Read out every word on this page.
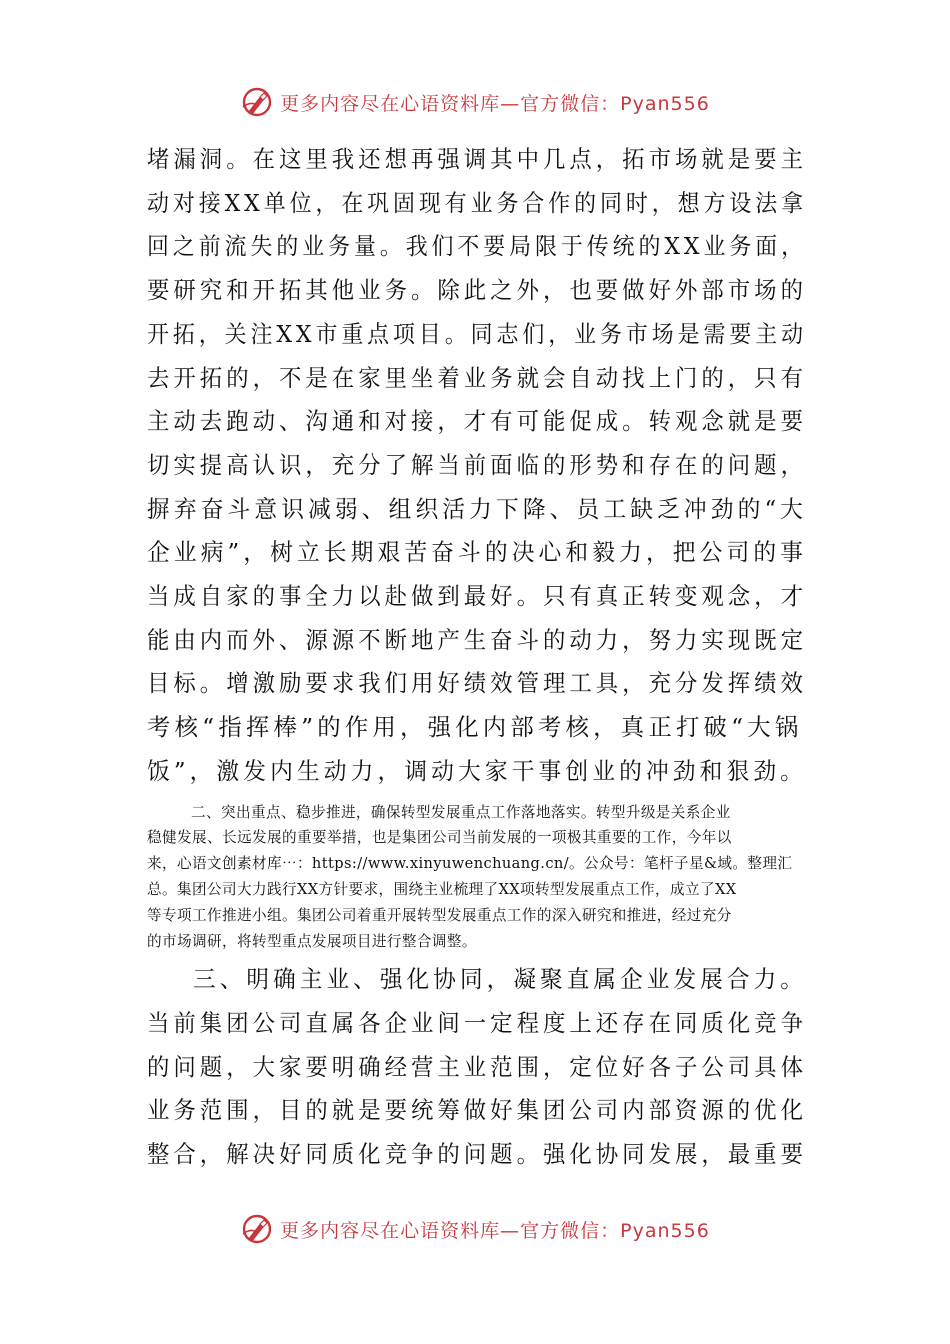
更多内容尽在心语资料库—官方微信：Pyan556
堵漏洞。在这里我还想再强调其中几点，拓市场就是要主
动对接XX单位，在巩固现有业务合作的同时，想方设法拿
回之前流失的业务量。我们不要局限于传统的XX业务面，
要研究和开拓其他业务。除此之外，也要做好外部市场的
开拓，关注XX市重点项目。同志们，业务市场是需要主动
去开拓的，不是在家里坐着业务就会自动找上门的，只有
主动去跑动、沟通和对接，才有可能促成。转观念就是要
切实提高认识，充分了解当前面临的形势和存在的问题，
摒弃奋斗意识减弱、组织活力下降、员工缺乏冲劲的“大
企业病”，树立长期艰苦奋斗的决心和毅力，把公司的事
当成自家的事全力以赴做到最好。只有真正转变观念，才
能由内而外、源源不断地产生奋斗的动力，努力实现既定
目标。增激励要求我们用好绩效管理工具，充分发挥绩效
考核“指挥棒”的作用，强化内部考核，真正打破“大锅
饭”，激发内生动力，调动大家干事创业的冲劲和狠劲。
二、突出重点、稳步推进，确保转型发展重点工作落地落实。转型升级是关系企业
稳健发展、长远发展的重要举措，也是集团公司当前发展的一项极其重要的工作，今年以
来，心语文创素材库⋯：https://www.xinyuwenchuang.cn/。公众号：笔杆子星&域。整理汇
总。集团公司大力践行XX方针要求，围绕主业梳理了XX项转型发展重点工作，成立了XX
等专项工作推进小组。集团公司着重开展转型发展重点工作的深入研究和推进，经过充分
的市场调研，将转型重点发展项目进行整合调整。
三、明确主业、强化协同，凝聚直属企业发展合力。
当前集团公司直属各企业间一定程度上还存在同质化竞争
的问题，大家要明确经营主业范围，定位好各子公司具体
业务范围，目的就是要统筹做好集团公司内部资源的优化
整合，解决好同质化竞争的问题。强化协同发展，最重要
更多内容尽在心语资料库—官方微信：Pyan556
